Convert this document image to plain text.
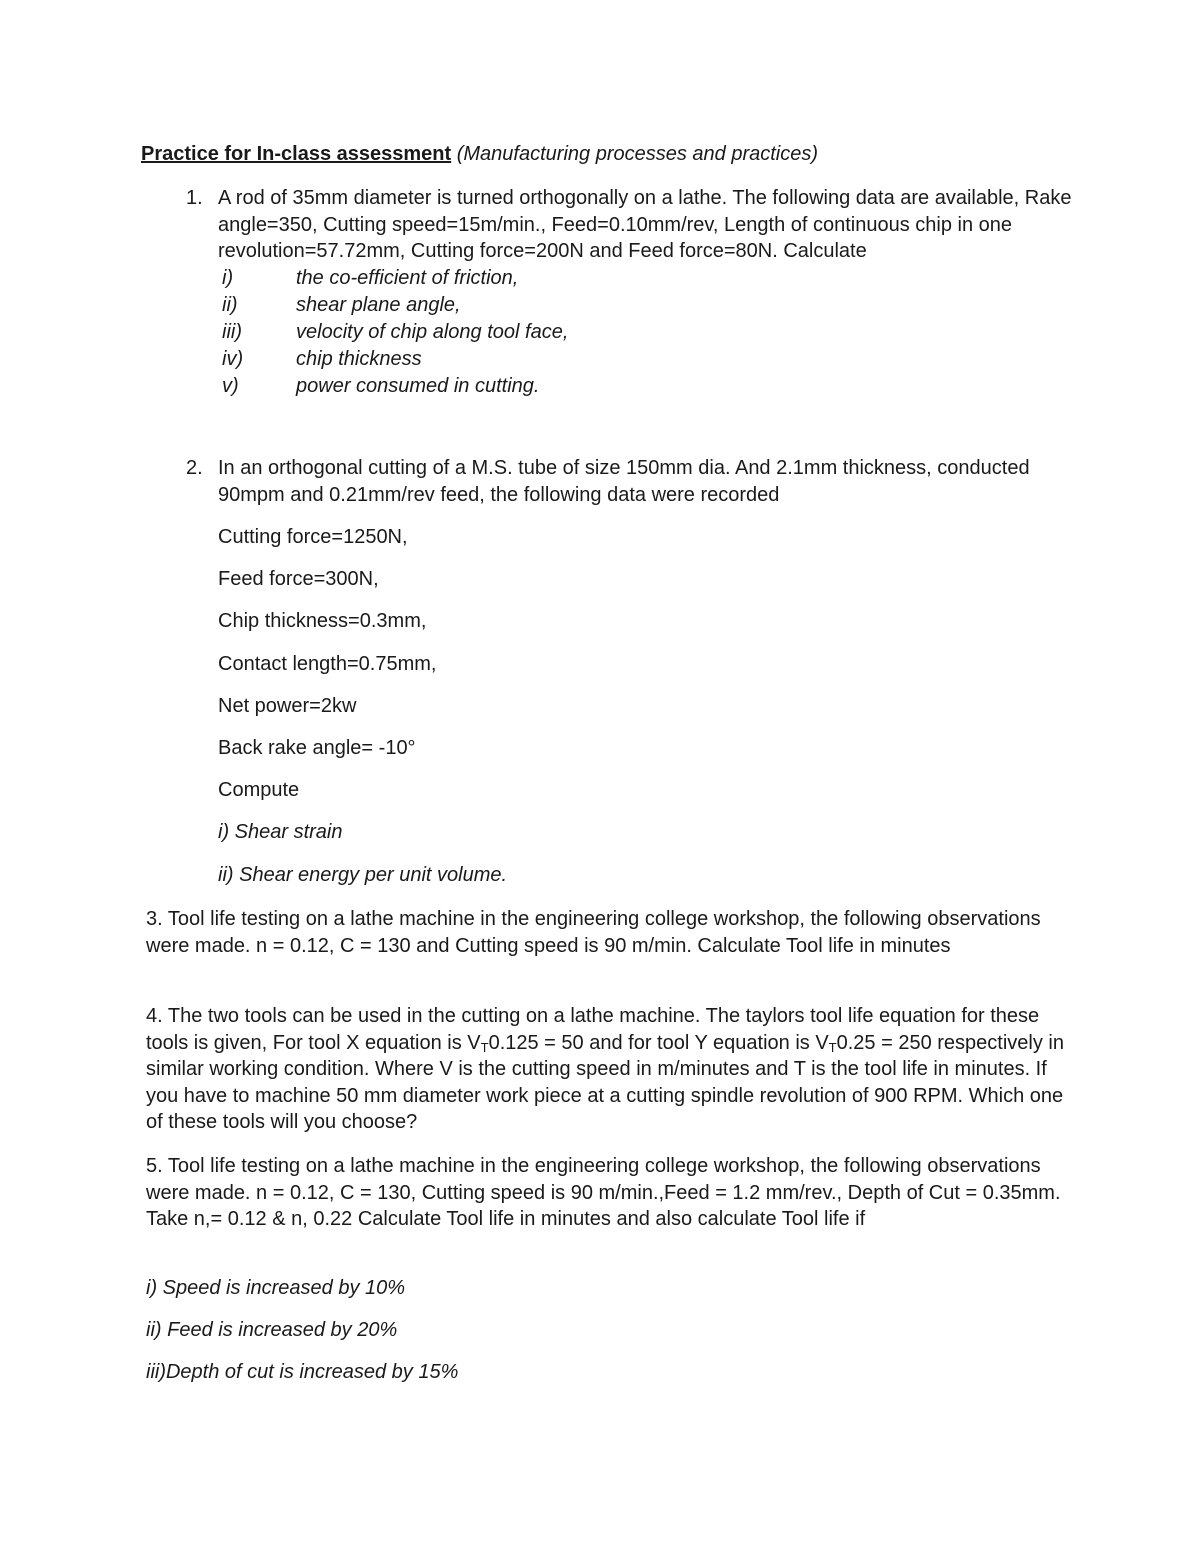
Practice for In-class assessment (Manufacturing processes and practices)

1. A rod of 35mm diameter is turned orthogonally on a lathe. The following data are available, Rake angle=350, Cutting speed=15m/min., Feed=0.10mm/rev, Length of continuous chip in one revolution=57.72mm, Cutting force=200N and Feed force=80N. Calculate

i)	the co-efficient of friction,
ii)	shear plane angle,
iii)	velocity of chip along tool face,
iv)	chip thickness
v)	power consumed in cutting.
2. In an orthogonal cutting of a M.S. tube of size 150mm dia. And 2.1mm thickness, conducted 90mpm and 0.21mm/rev feed, the following data were recorded

Cutting force=1250N,

Feed force=300N,

Chip thickness=0.3mm,

Contact length=0.75mm,

Net power=2kw

Back rake angle= -10°

Compute

i) Shear strain

ii) Shear energy per unit volume.

3. Tool life testing on a lathe machine in the engineering college workshop, the following observations were made. n = 0.12, C = 130 and Cutting speed is 90 m/min. Calculate Tool life in minutes

4. The two tools can be used in the cutting on a lathe machine. The taylors tool life equation for these tools is given, For tool X equation is $V_T0.125 = 50$ and for tool Y equation is $V_T0.25 = 250$ respectively in similar working condition. Where V is the cutting speed in m/minutes and T is the tool life in minutes. If you have to machine 50 mm diameter work piece at a cutting spindle revolution of 900 RPM. Which one of these tools will you choose?

5. Tool life testing on a lathe machine in the engineering college workshop, the following observations were made. n = 0.12, C = 130, Cutting speed is 90 m/min.,Feed = 1.2 mm/rev., Depth of Cut = 0.35mm. Take n,= 0.12 & n, 0.22 Calculate Tool life in minutes and also calculate Tool life if

i) Speed is increased by 10%

ii) Feed is increased by 20%

iii)Depth of cut is increased by 15%
